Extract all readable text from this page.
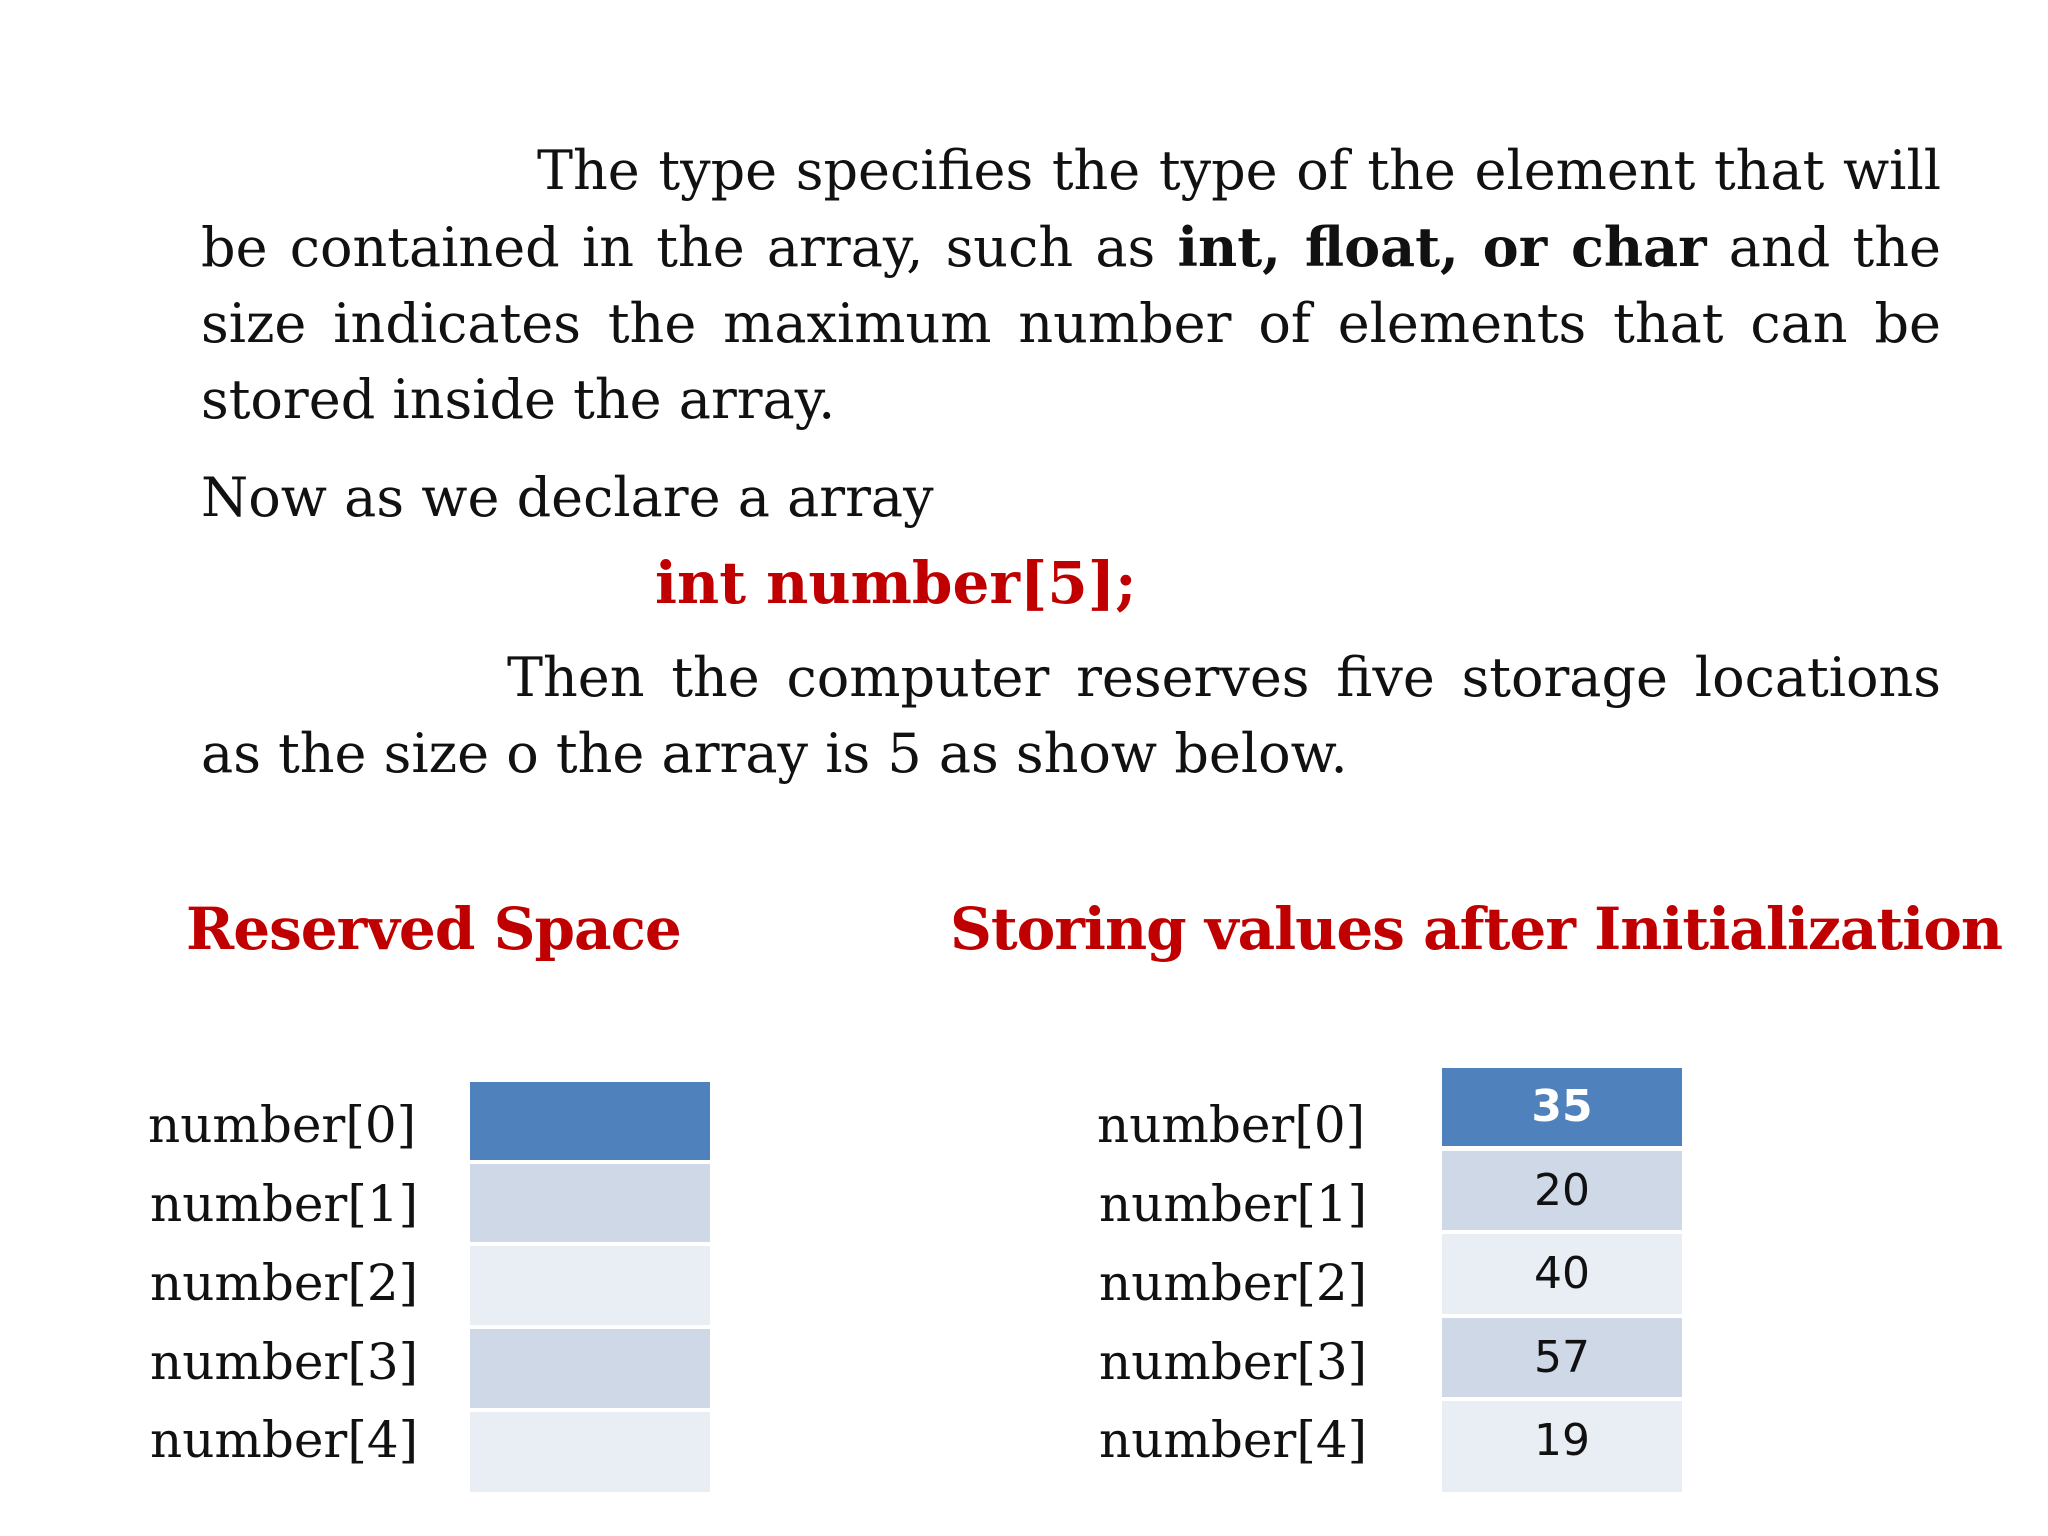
The type specifies the type of the element that will be contained in the array, such as int, float, or char and the size indicates the maximum number of elements that can be stored inside the array.

Now as we declare a array

int number[5];

Then the computer reserves five storage locations as the size o the array is 5 as show below.

Reserved Space	Storing values after Initialization

number[0]

number[1]

number[2]

number[3]

number[4]

number[0]

number[1]

number[2]

number[3]

number[4]

35
20
40
57
19
